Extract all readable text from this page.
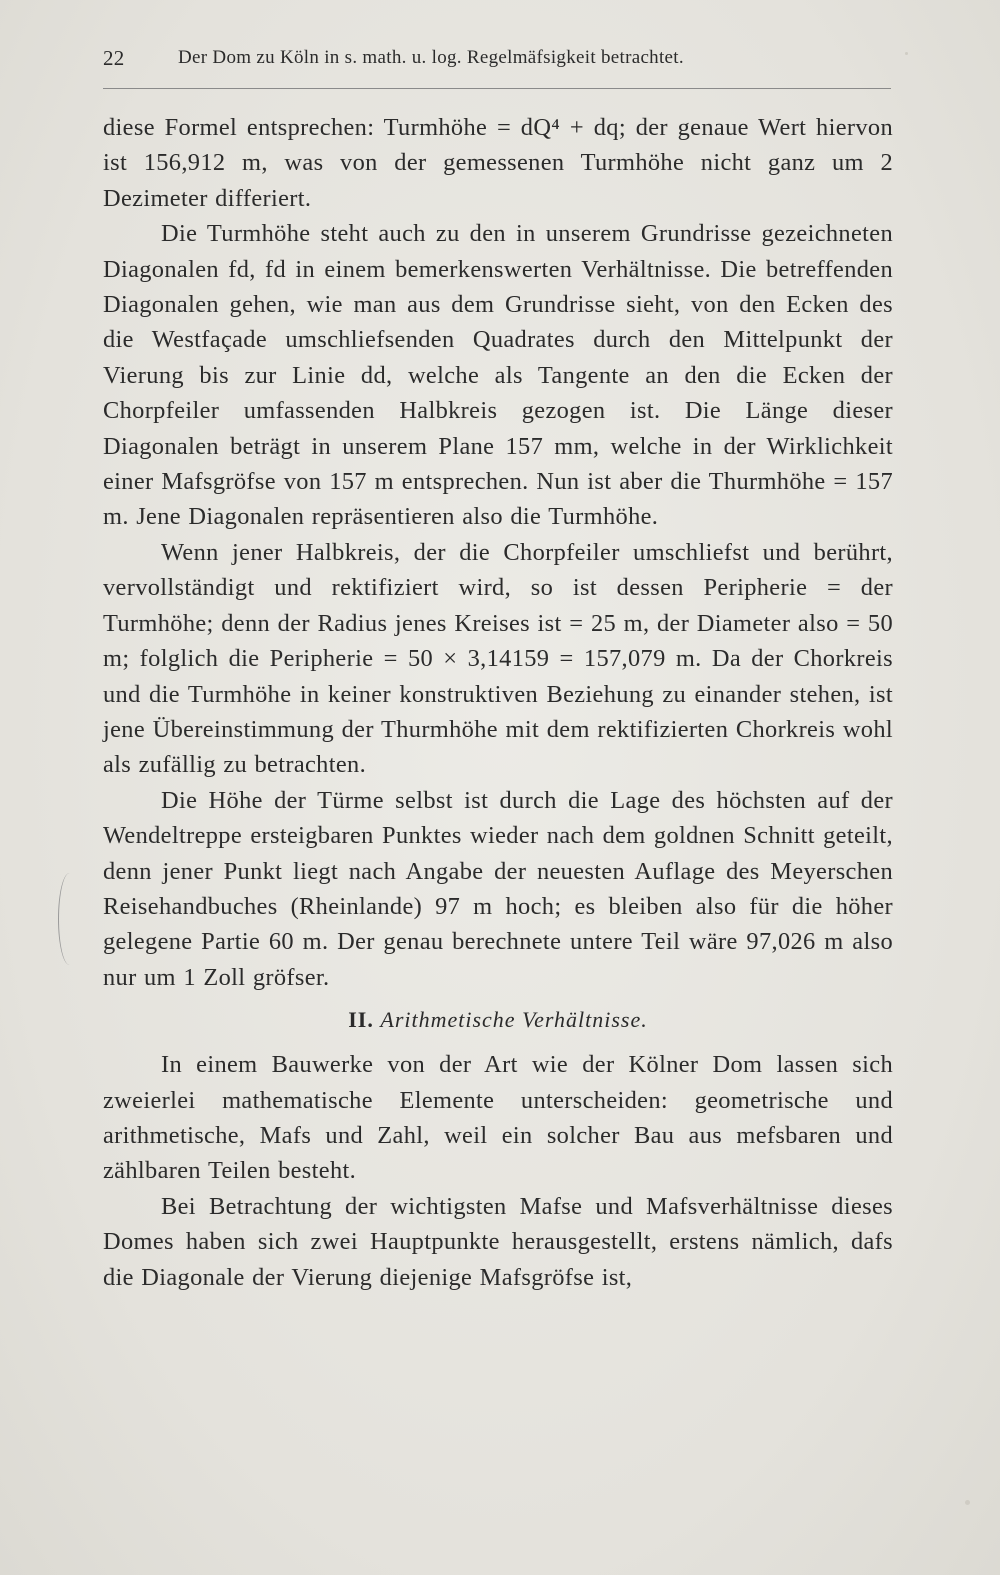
22	Der Dom zu Köln in s. math. u. log. Regelmäfsigkeit betrachtet.

diese Formel entsprechen: Turmhöhe = dQ⁴ + dq; der genaue Wert hiervon ist 156,912 m, was von der gemessenen Turmhöhe nicht ganz um 2 Dezimeter differiert.

Die Turmhöhe steht auch zu den in unserem Grundrisse gezeichneten Diagonalen fd, fd in einem bemerkenswerten Verhältnisse. Die betreffenden Diagonalen gehen, wie man aus dem Grundrisse sieht, von den Ecken des die Westfaçade umschliefsenden Quadrates durch den Mittelpunkt der Vierung bis zur Linie dd, welche als Tangente an den die Ecken der Chorpfeiler umfassenden Halbkreis gezogen ist. Die Länge dieser Diagonalen beträgt in unserem Plane 157 mm, welche in der Wirklichkeit einer Mafsgröfse von 157 m entsprechen. Nun ist aber die Thurmhöhe = 157 m. Jene Diagonalen repräsentieren also die Turmhöhe.

Wenn jener Halbkreis, der die Chorpfeiler umschliefst und berührt, vervollständigt und rektifiziert wird, so ist dessen Peripherie = der Turmhöhe; denn der Radius jenes Kreises ist = 25 m, der Diameter also = 50 m; folglich die Peripherie = 50 × 3,14159 = 157,079 m. Da der Chorkreis und die Turmhöhe in keiner konstruktiven Beziehung zu einander stehen, ist jene Übereinstimmung der Thurmhöhe mit dem rektifizierten Chorkreis wohl als zufällig zu betrachten.

Die Höhe der Türme selbst ist durch die Lage des höchsten auf der Wendeltreppe ersteigbaren Punktes wieder nach dem goldnen Schnitt geteilt, denn jener Punkt liegt nach Angabe der neuesten Auflage des Meyerschen Reisehandbuches (Rheinlande) 97 m hoch; es bleiben also für die höher gelegene Partie 60 m. Der genau berechnete untere Teil wäre 97,026 m also nur um 1 Zoll gröfser.

II. Arithmetische Verhältnisse.

In einem Bauwerke von der Art wie der Kölner Dom lassen sich zweierlei mathematische Elemente unterscheiden: geometrische und arithmetische, Mafs und Zahl, weil ein solcher Bau aus mefsbaren und zählbaren Teilen besteht.

Bei Betrachtung der wichtigsten Mafse und Mafsverhältnisse dieses Domes haben sich zwei Hauptpunkte herausgestellt, erstens nämlich, dafs die Diagonale der Vierung diejenige Mafsgröfse ist,
